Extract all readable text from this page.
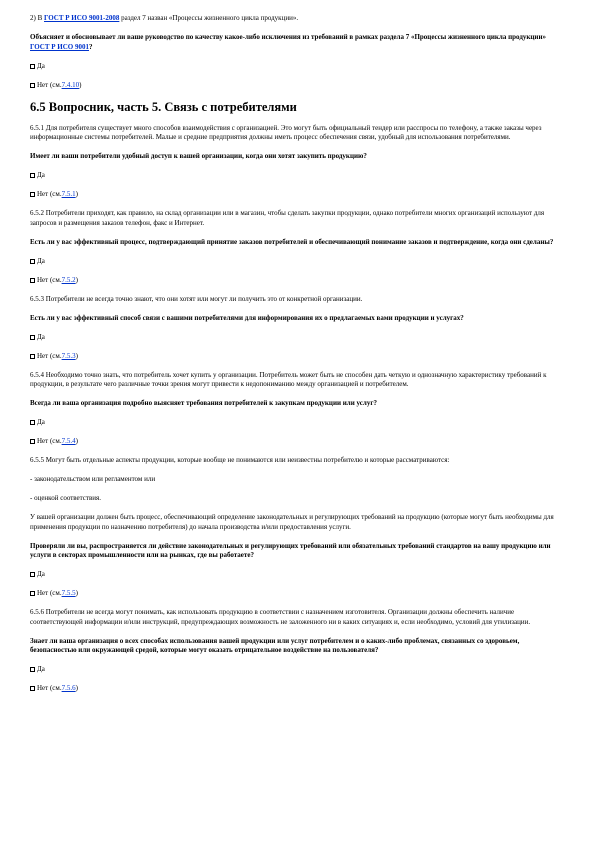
2) В ГОСТ Р ИСО 9001-2008 раздел 7 назван «Процессы жизненного цикла продукции».

Объясняет и обосновывает ли ваше руководство по качеству какое-либо исключения из требований в рамках раздела 7 «Процессы жизненного цикла продукции» ГОСТ Р ИСО 9001?

Да

Нет (см. 7.4.10 )

6.5 Вопросник, часть 5. Связь с потребителями

6.5.1 Для потребителя существует много способов взаимодействия с организацией. Это могут быть официальный тендер или расспросы по телефону, а также заказы через информационные системы потребителей. Малые и средние предприятия должны иметь процесс обеспечения связи, удобный для использования потребителями.

Имеет ли ваши потребители удобный доступ к вашей организации, когда они хотят закупить продукцию?

Да

Нет (см. 7.5.1 )

6.5.2 Потребители приходят, как правило, на склад организации или в магазин, чтобы сделать закупки продукции, однако потребители многих организаций используют для запросов и размещения заказов телефон, факс и Интернет.

Есть ли у вас эффективный процесс, подтверждающий принятие заказов потребителей и обеспечивающий понимание заказов и подтверждение, когда они сделаны?

Да

Нет (см. 7.5.2 )

6.5.3 Потребители не всегда точно знают, что они хотят или могут ли получить это от конкретной организации.

Есть ли у вас эффективный способ связи с вашими потребителями для информирования их о предлагаемых вами продукции и услугах?

Да

Нет (см. 7.5.3 )

6.5.4 Необходимо точно знать, что потребитель хочет купить у организации. Потребитель может быть не способен дать четкую и однозначную характеристику требований к продукции, в результате чего различные точки зрения могут привести к недопониманию между организацией и потребителем.

Всегда ли ваша организация подробно выясняет требования потребителей к закупкам продукции или услуг?

Да

Нет (см. 7.5.4 )

6.5.5 Могут быть отдельные аспекты продукции, которые вообще не понимаются или неизвестны потребителю и которые рассматриваются:

- законодательством или регламентом или

- оценкой соответствия.

У вашей организации должен быть процесс, обеспечивающий определение законодательных и регулирующих требований на продукцию (которые могут быть необходимы для применения продукции по назначению потребителя) до начала производства и/или предоставления услуги.

Проверяли ли вы, распространяется ли действие законодательных и регулирующих требований или обязательных требований стандартов на вашу продукцию или услуги в секторах промышленности или на рынках, где вы работаете?

Да

Нет (см. 7.5.5 )

6.5.6 Потребители не всегда могут понимать, как использовать продукцию в соответствии с назначением изготовителя. Организации должны обеспечить наличие соответствующей информации и/или инструкций, предупреждающих возможность не заложенного ни в каких ситуациях и, если необходимо, условий для утилизации.

Знает ли ваша организация о всех способах использования вашей продукции или услуг потребителем и о каких-либо проблемах, связанных со здоровьем, безопасностью или окружающей средой, которые могут оказать отрицательное воздействие на пользователя?

Да

Нет (см. 7.5.6 )
